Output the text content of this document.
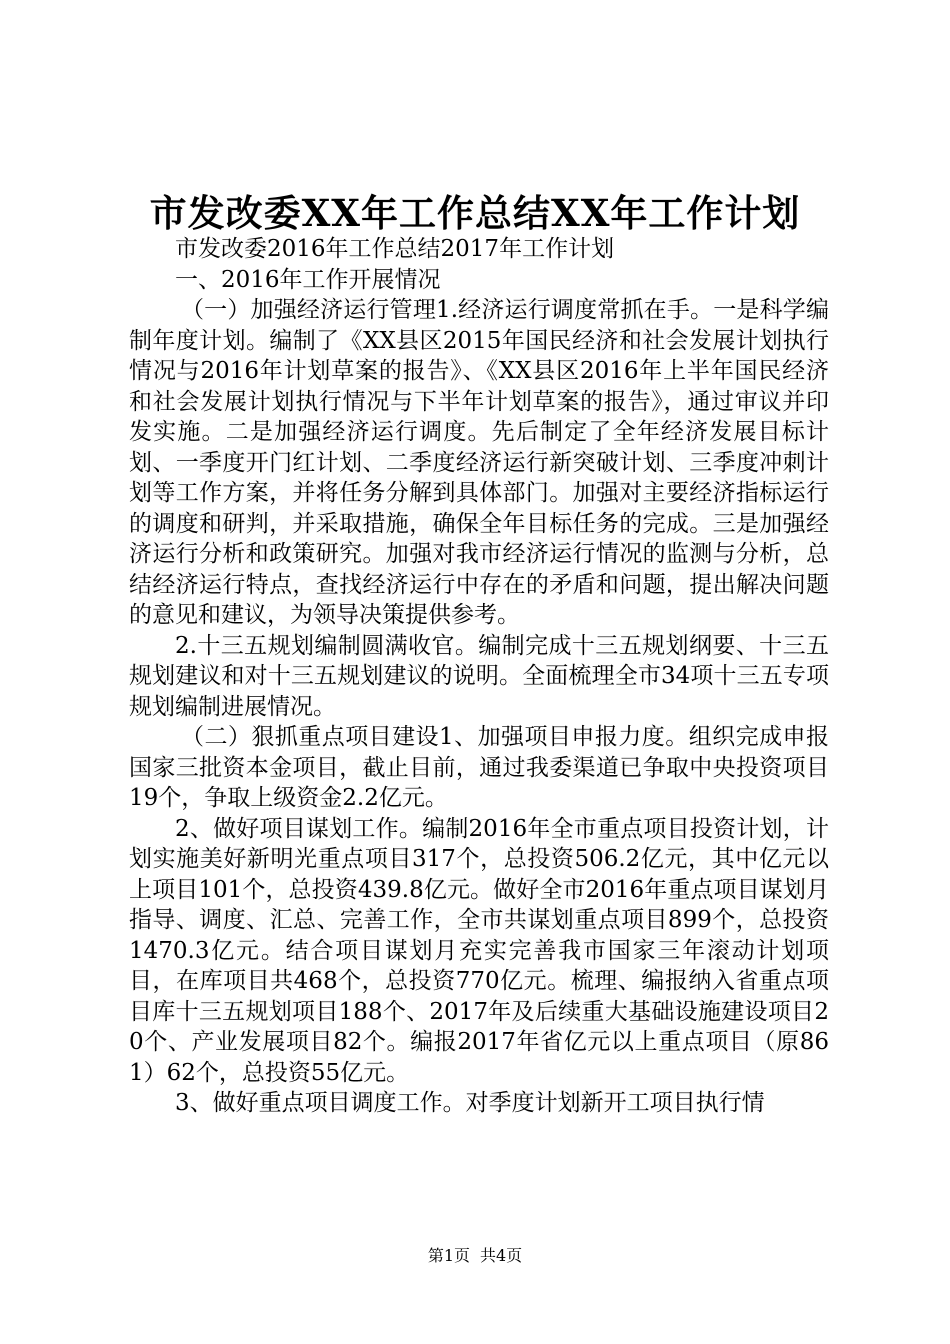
市发改委XX年工作总结XX年工作计划

市发改委2016年工作总结2017年工作计划

一、2016年工作开展情况

（一）加强经济运行管理1.经济运行调度常抓在手。一是科学编制年度计划。编制了《XX县区2015年国民经济和社会发展计划执行情况与2016年计划草案的报告》、《XX县区2016年上半年国民经济和社会发展计划执行情况与下半年计划草案的报告》，通过审议并印发实施。二是加强经济运行调度。先后制定了全年经济发展目标计划、一季度开门红计划、二季度经济运行新突破计划、三季度冲刺计划等工作方案，并将任务分解到具体部门。加强对主要经济指标运行的调度和研判，并采取措施，确保全年目标任务的完成。三是加强经济运行分析和政策研究。加强对我市经济运行情况的监测与分析，总结经济运行特点，查找经济运行中存在的矛盾和问题，提出解决问题的意见和建议，为领导决策提供参考。

2.十三五规划编制圆满收官。编制完成十三五规划纲要、十三五规划建议和对十三五规划建议的说明。全面梳理全市34项十三五专项规划编制进展情况。

（二）狠抓重点项目建设1、加强项目申报力度。组织完成申报国家三批资本金项目，截止目前，通过我委渠道已争取中央投资项目19个，争取上级资金2.2亿元。

2、做好项目谋划工作。编制2016年全市重点项目投资计划，计划实施美好新明光重点项目317个，总投资506.2亿元，其中亿元以上项目101个，总投资439.8亿元。做好全市2016年重点项目谋划月指导、调度、汇总、完善工作，全市共谋划重点项目899个，总投资1470.3亿元。结合项目谋划月充实完善我市国家三年滚动计划项目，在库项目共468个，总投资770亿元。梳理、编报纳入省重点项目库十三五规划项目188个、2017年及后续重大基础设施建设项目20个、产业发展项目82个。编报2017年省亿元以上重点项目（原861）62个，总投资55亿元。

3、做好重点项目调度工作。对季度计划新开工项目执行情

第1页 共4页
